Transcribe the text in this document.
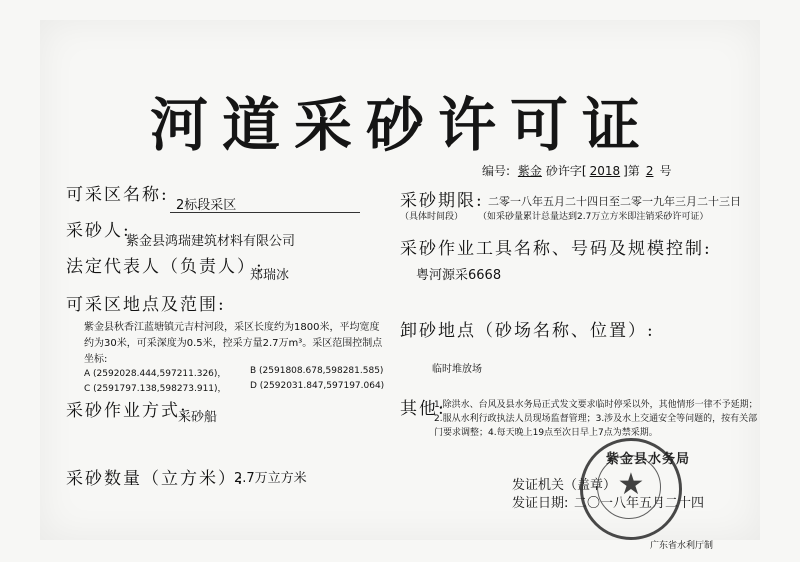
河道采砂许可证
编号: 紫金 砂许字[ 2018 ]第 2 号
可采区名称:
2标段采区
采砂人:
紫金县鸿瑞建筑材料有限公司
法定代表人（负责人）:
郑瑞冰
可采区地点及范围:
紫金县秋香江蓝塘镇元吉村河段，采区长度约为1800米，平均宽度约为30米，可采深度为0.5米，控采方量2.7万m³。采区范围控制点坐标:
A (2592028.444,597211.326)，	B (2591808.678,598281.585)
C (2591797.138,598273.911)，	D (2592031.847,597197.064)
采砂作业方式:
采砂船
采砂数量（立方米）:
2.7万立方米
采砂期限: 二零一八年五月二十四日至二零一九年三月二十三日
（具体时间段） （如采砂量累计总量达到2.7万立方米即注销采砂许可证）
采砂作业工具名称、号码及规模控制:
粤河源采6668
卸砂地点（砂场名称、位置）:
临时堆放场
其他:
1.除洪水、台风及县水务局正式发文要求临时停采以外，其他情形一律不予延期；2.服从水利行政执法人员现场监督管理；3.涉及水上交通安全等问题的，按有关部门要求调整；4.每天晚上19点至次日早上7点为禁采期。
发证机关（盖章）
发证日期: 二〇一八年五月二十四
★
紫金县水务局
广东省水利厅制
